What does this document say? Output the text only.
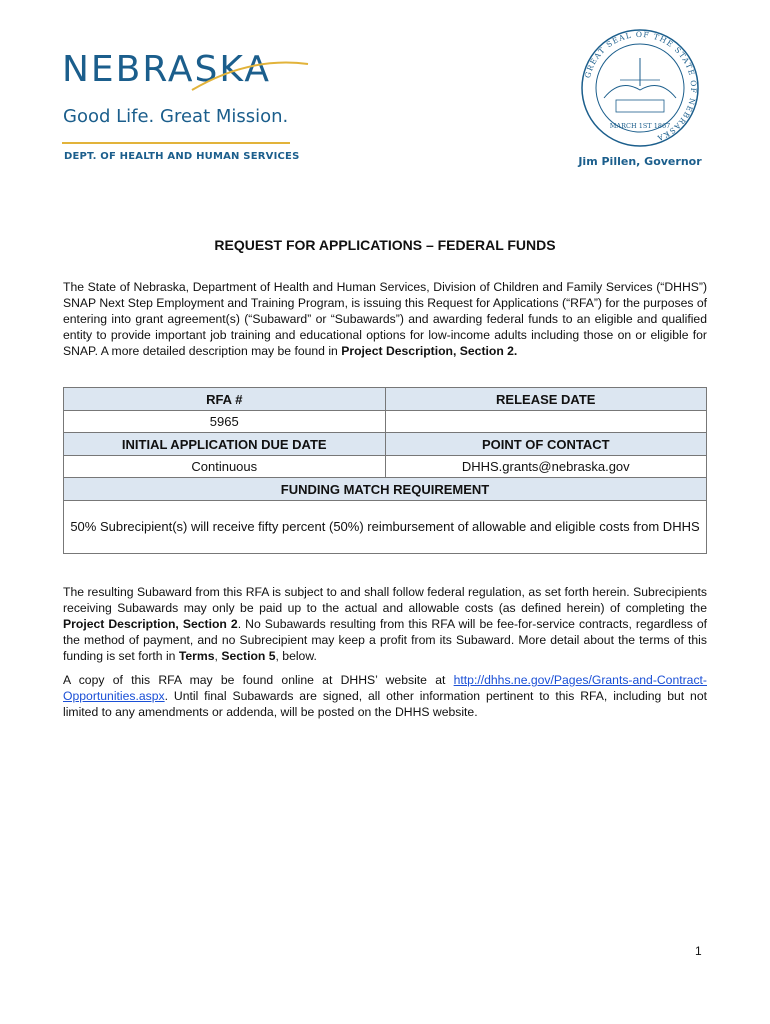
NEBRASKA
Good Life. Great Mission.
DEPT. OF HEALTH AND HUMAN SERVICES
GREAT SEAL OF THE STATE OF NEBRASKA
MARCH 1ST 1867
Jim Pillen, Governor
REQUEST FOR APPLICATIONS – FEDERAL FUNDS
The State of Nebraska, Department of Health and Human Services, Division of Children and Family Services (“DHHS”) SNAP Next Step Employment and Training Program, is issuing this Request for Applications (“RFA”) for the purposes of entering into grant agreement(s) (“Subaward” or “Subawards”) and awarding federal funds to an eligible and qualified entity to provide important job training and educational options for low-income adults including those on or eligible for SNAP. A more detailed description may be found in Project Description, Section 2.
RFA #	RELEASE DATE
5965	
INITIAL APPLICATION DUE DATE	POINT OF CONTACT
Continuous	DHHS.grants@nebraska.gov
FUNDING MATCH REQUIREMENT	
50% Subrecipient(s) will receive fifty percent (50%) reimbursement of allowable and eligible costs from DHHS	
The resulting Subaward from this RFA is subject to and shall follow federal regulation, as set forth herein. Subrecipients receiving Subawards may only be paid up to the actual and allowable costs (as defined herein) of completing the Project Description, Section 2. No Subawards resulting from this RFA will be fee-for-service contracts, regardless of the method of payment, and no Subrecipient may keep a profit from its Subaward. More detail about the terms of this funding is set forth in Terms, Section 5, below.
A copy of this RFA may be found online at DHHS’ website at http://dhhs.ne.gov/Pages/Grants-and-Contract-Opportunities.aspx. Until final Subawards are signed, all other information pertinent to this RFA, including but not limited to any amendments or addenda, will be posted on the DHHS website.
1
